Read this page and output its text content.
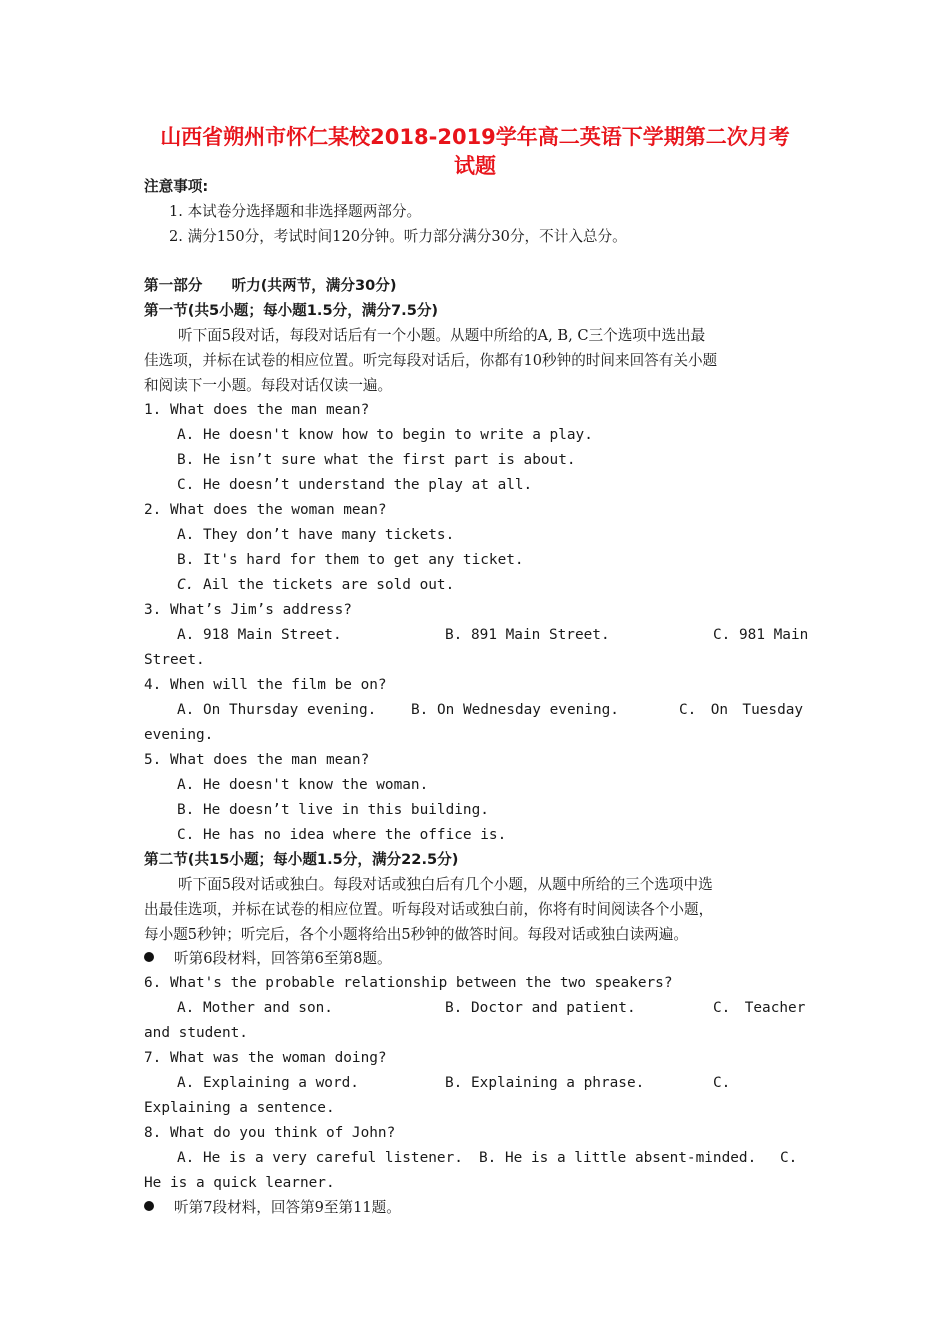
山西省朔州市怀仁某校2018-2019学年高二英语下学期第二次月考
试题
注意事项:
1. 本试卷分选择题和非选择题两部分。
2. 满分150分，考试时间120分钟。听力部分满分30分，不计入总分。
第一部分　　听力(共两节，满分30分)
第一节(共5小题；每小题1.5分，满分7.5分)
听下面5段对话，每段对话后有一个小题。从题中所给的A, B, C三个选项中选出最
佳选项，并标在试卷的相应位置。听完每段对话后，你都有10秒钟的时间来回答有关小题
和阅读下一小题。每段对话仅读一遍。
1. What does the man mean?
A. He doesn't know how to begin to write a play.
B. He isn’t sure what the first part is about.
C. He doesn’t understand the play at all.
2. What does the woman mean?
A. They don’t have many tickets.
B. It's hard for them to get any ticket.
C. Ail the tickets are sold out.
3. What’s Jim’s address?
A. 918 Main Street.	B. 891 Main Street.	C. 981 Main
Street.
4. When will the film be on?
A. On Thursday evening. B. On Wednesday evening.	C.　On　Tuesday
evening.
5. What does the man mean?
A. He doesn't know the woman.
B. He doesn’t live in this building.
C. He has no idea where the office is.
第二节(共15小题；每小题1.5分，满分22.5分)
听下面5段对话或独白。每段对话或独白后有几个小题，从题中所给的三个选项中选
出最佳选项，并标在试卷的相应位置。听每段对话或独白前，你将有时间阅读各个小题，
每小题5秒钟；听完后，各个小题将给出5秒钟的做答时间。每段对话或独白读两遍。
听第6段材料，回答第6至第8题。
6. What's the probable relationship between the two speakers?
A. Mother and son.	B. Doctor and patient.	C.　Teacher
and student.
7. What was the woman doing?
A. Explaining a word.	B. Explaining a phrase.	C.
Explaining a sentence.
8. What do you think of John?
A. He is a very careful listener. B. He is a little absent-minded. C.
He is a quick learner.
听第7段材料，回答第9至第11题。
